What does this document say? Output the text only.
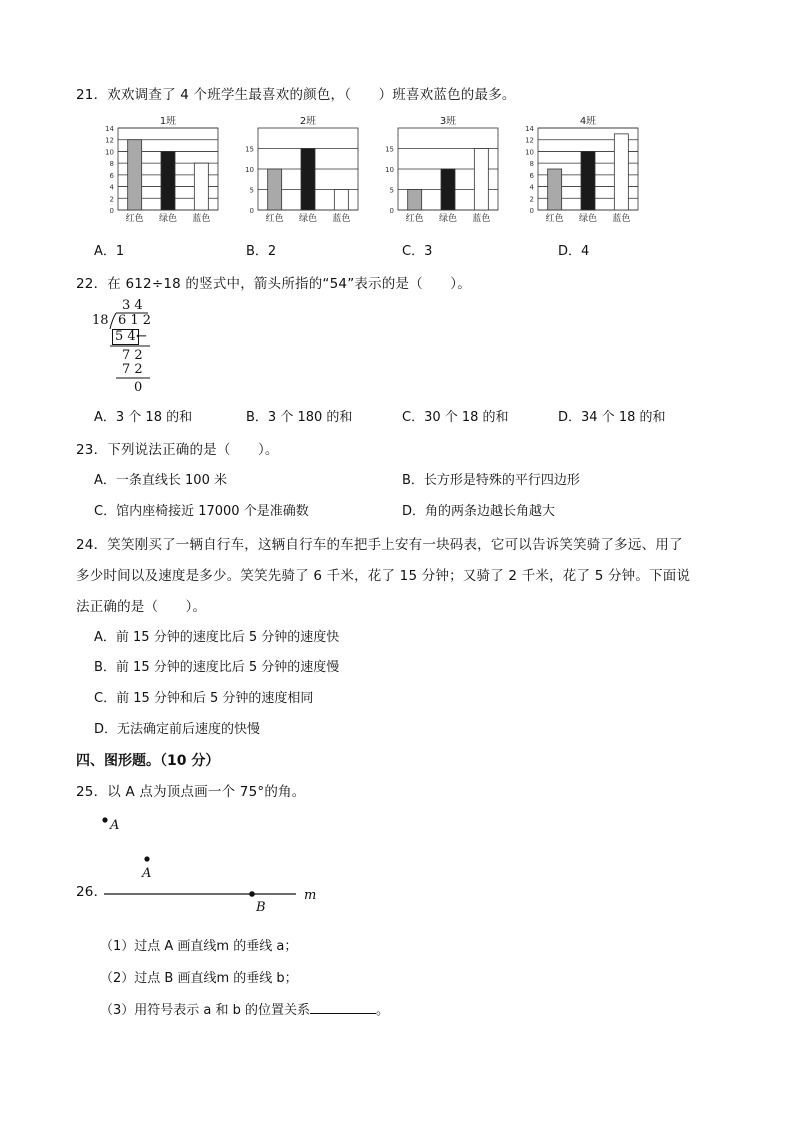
21．欢欢调查了 4 个班学生最喜欢的颜色，（　　）班喜欢蓝色的最多。
1班
0
2
4
6
8
10
12
14
红色 绿色 蓝色
2班
0
5
10
15
红色 绿色 蓝色
3班
0
5
10
15
红色 绿色 蓝色
4班
0
2
4
6
8
10
12
14
红色 绿色 蓝色
A．1	B．2	C．3	D．4
22．在 612÷18 的竖式中，箭头所指的“54”表示的是（　　）。
3 4
18 6 1 2
5 4 ←
7 2
7 2
0
A．3 个 18 的和	B．3 个 180 的和	C．30 个 18 的和	D．34 个 18 的和
23．下列说法正确的是（　　）。
A．一条直线长 100 米	B．长方形是特殊的平行四边形
C．馆内座椅接近 17000 个是准确数	D．角的两条边越长角越大
24．笑笑刚买了一辆自行车，这辆自行车的车把手上安有一块码表，它可以告诉笑笑骑了多远、用了
多少时间以及速度是多少。笑笑先骑了 6 千米，花了 15 分钟；又骑了 2 千米，花了 5 分钟。下面说
法正确的是（　　）。
A．前 15 分钟的速度比后 5 分钟的速度快
B．前 15 分钟的速度比后 5 分钟的速度慢
C．前 15 分钟和后 5 分钟的速度相同
D．无法确定前后速度的快慢
四、图形题。（10 分）
25．以 A 点为顶点画一个 75°的角。
A
26．
A
B
m
（1）过点 A 画直线m 的垂线 a；
（2）过点 B 画直线m 的垂线 b；
（3）用符号表示 a 和 b 的位置关系	。
